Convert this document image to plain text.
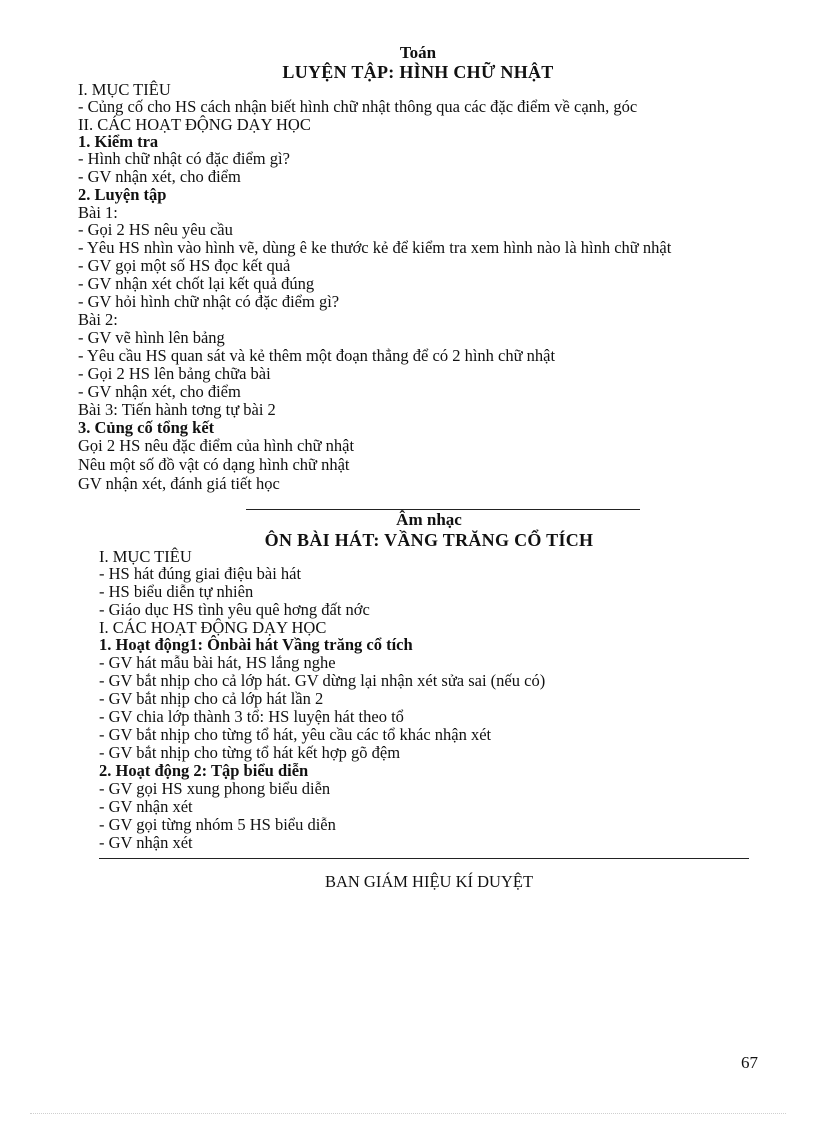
Toán
LUYỆN TẬP: HÌNH CHỮ NHẬT
I. MỤC TIÊU
- Củng cố cho HS cách nhận biết hình chữ nhật thông qua các đặc điểm về cạnh, góc
II. CÁC HOẠT ĐỘNG DẠY HỌC
1. Kiểm tra
- Hình chữ nhật có đặc điểm gì?
- GV nhận xét, cho điểm
2. Luyện tập
Bài 1:
- Gọi 2 HS nêu yêu cầu
- Yêu HS nhìn vào hình vẽ, dùng ê ke thước kẻ để kiểm tra xem hình nào là hình chữ nhật
- GV gọi một số HS đọc kết quả
- GV nhận xét chốt lại kết quả đúng
- GV hỏi hình chữ nhật có đặc điểm gì?
Bài 2:
- GV vẽ hình lên bảng
- Yêu cầu HS quan sát và kẻ thêm một đoạn thẳng để có 2 hình chữ nhật
- Gọi 2 HS lên bảng chữa bài
- GV nhận xét, cho điểm
Bài 3: Tiến hành tơng tự bài 2
3. Củng cố tổng kết
Gọi 2 HS nêu đặc điểm của hình chữ nhật
Nêu một số đồ vật có dạng hình chữ nhật
GV nhận xét, đánh giá tiết học
Âm nhạc
ÔN BÀI HÁT: VẦNG TRĂNG CỔ TÍCH
I. MỤC TIÊU
- HS hát đúng giai điệu bài hát
- HS biểu diễn tự nhiên
- Giáo dục HS tình yêu quê hơng đất nớc
I. CÁC HOẠT ĐỘNG DẠY HỌC
1. Hoạt động1: Ônbài hát Vầng trăng cổ tích
- GV hát mẫu bài hát, HS lắng nghe
- GV bắt nhịp cho cả lớp hát. GV dừng lại nhận xét sửa sai (nếu có)
- GV bắt nhịp cho cả lớp hát lần 2
- GV chia lớp thành 3 tổ: HS luyện hát theo tổ
- GV bắt nhịp cho từng tổ hát, yêu cầu các tổ khác nhận xét
- GV bắt nhịp cho từng tổ hát kết hợp gõ đệm
2. Hoạt động 2: Tập biểu diễn
- GV gọi HS xung phong biểu diễn
- GV nhận xét
- GV gọi từng nhóm 5 HS biểu diễn
- GV nhận xét
BAN GIÁM HIỆU KÍ DUYỆT
67
